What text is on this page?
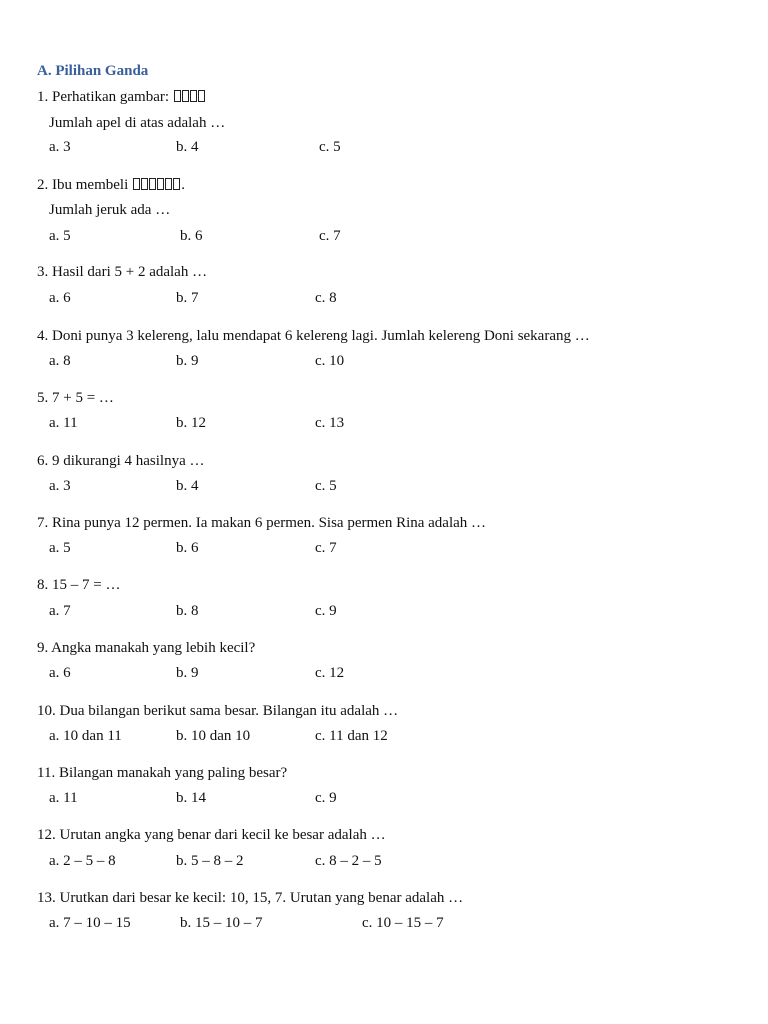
A. Pilihan Ganda
1. Perhatikan gambar:
Jumlah apel di atas adalah …
a. 3	b. 4	c. 5
2. Ibu membeli	.
Jumlah jeruk ada …
a. 5	b. 6	c. 7
3. Hasil dari 5 + 2 adalah …
a. 6	b. 7	c. 8
4. Doni punya 3 kelereng, lalu mendapat 6 kelereng lagi. Jumlah kelereng Doni sekarang …
a. 8	b. 9	c. 10
5. 7 + 5 = …
a. 11	b. 12	c. 13
6. 9 dikurangi 4 hasilnya …
a. 3	b. 4	c. 5
7. Rina punya 12 permen. Ia makan 6 permen. Sisa permen Rina adalah …
a. 5	b. 6	c. 7
8. 15 – 7 = …
a. 7	b. 8	c. 9
9. Angka manakah yang lebih kecil?
a. 6	b. 9	c. 12
10. Dua bilangan berikut sama besar. Bilangan itu adalah …
a. 10 dan 11	b. 10 dan 10	c. 11 dan 12
11. Bilangan manakah yang paling besar?
a. 11	b. 14	c. 9
12. Urutan angka yang benar dari kecil ke besar adalah …
a. 2 – 5 – 8	b. 5 – 8 – 2	c. 8 – 2 – 5
13. Urutkan dari besar ke kecil: 10, 15, 7. Urutan yang benar adalah …
a. 7 – 10 – 15	b. 15 – 10 – 7	c. 10 – 15 – 7
